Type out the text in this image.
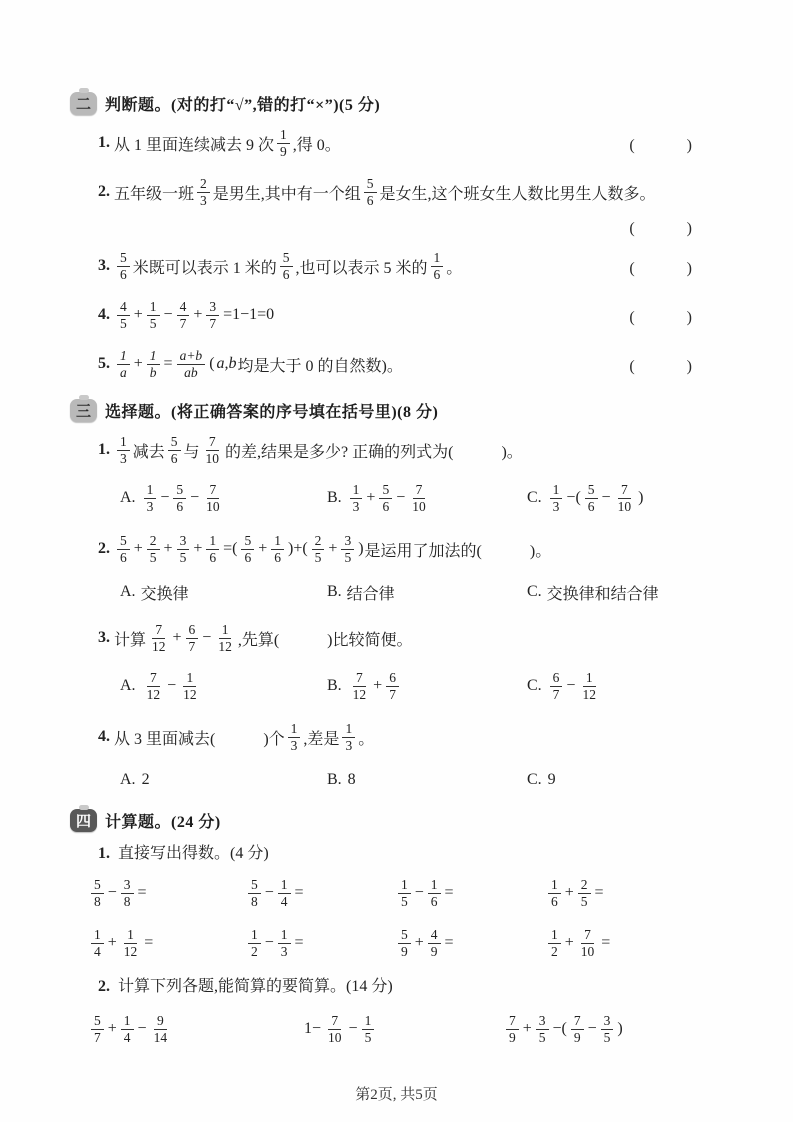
二 判断题。(对的打“√”,错的打“×”)(5 分)
1. 从 1 里面连续减去 9 次 $\frac{1}{9}$ ,得 0。	(　　　)
2. 五年级一班 $\frac{2}{3}$ 是男生,其中有一个组 $\frac{5}{6}$ 是女生,这个班女生人数比男生人数多。
(　　　)
3. $\frac{5}{6}$ 米既可以表示 1 米的 $\frac{5}{6}$ ,也可以表示 5 米的 $\frac{1}{6}$ 。	(　　　)
4. $\frac{4}{5} + \frac{1}{5} - \frac{4}{7} + \frac{3}{7} =1-1=0$	(　　　)
5. $\frac{1}{a} + \frac{1}{b} = \frac{a+b}{ab}$ ( a,b 均是大于 0 的自然数)。	(　　　)
三 选择题。(将正确答案的序号填在括号里)(8 分)
1. $\frac{1}{3}$ 减去 $\frac{5}{6}$ 与 $\frac{7}{10}$ 的差,结果是多少? 正确的列式为(　　　)。
A. $\frac{1}{3} - \frac{5}{6} - \frac{7}{10}$	B. $\frac{1}{3} + \frac{5}{6} - \frac{7}{10}$	C. $\frac{1}{3}$ −( $\frac{5}{6} - \frac{7}{10}$ )
2. $\frac{5}{6} + \frac{2}{5} + \frac{3}{5} + \frac{1}{6}$ =( $\frac{5}{6} + \frac{1}{6}$ )+( $\frac{2}{5} + \frac{3}{5}$ ) 是运用了加法的(　　　)。
A. 交换律	B. 结合律	C. 交换律和结合律
3. 计算 $\frac{7}{12} + \frac{6}{7} - \frac{1}{12}$ ,先算(　　　)比较简便。
A. $\frac{7}{12} - \frac{1}{12}$	B. $\frac{7}{12} + \frac{6}{7}$	C. $\frac{6}{7} - \frac{1}{12}$
4. 从 3 里面减去(　　　)个 $\frac{1}{3}$ ,差是 $\frac{1}{3}$ 。
A. 2	B. 8	C. 9
四 计算题。(24 分)
1. 直接写出得数。(4 分)
$\frac{5}{8} - \frac{3}{8}$ =	$\frac{5}{8} - \frac{1}{4}$ =	$\frac{1}{5} - \frac{1}{6}$ =	$\frac{1}{6} + \frac{2}{5}$ =
$\frac{1}{4} + \frac{1}{12}$ =	$\frac{1}{2} - \frac{1}{3}$ =	$\frac{5}{9} + \frac{4}{9}$ =	$\frac{1}{2} + \frac{7}{10}$ =
2. 计算下列各题,能简算的要简算。(14 分)
$\frac{5}{7} + \frac{1}{4} - \frac{9}{14}$	$1- \frac{7}{10} - \frac{1}{5}$	$\frac{7}{9} + \frac{3}{5}$ −( $\frac{7}{9} - \frac{3}{5}$ )
第2页, 共5页
